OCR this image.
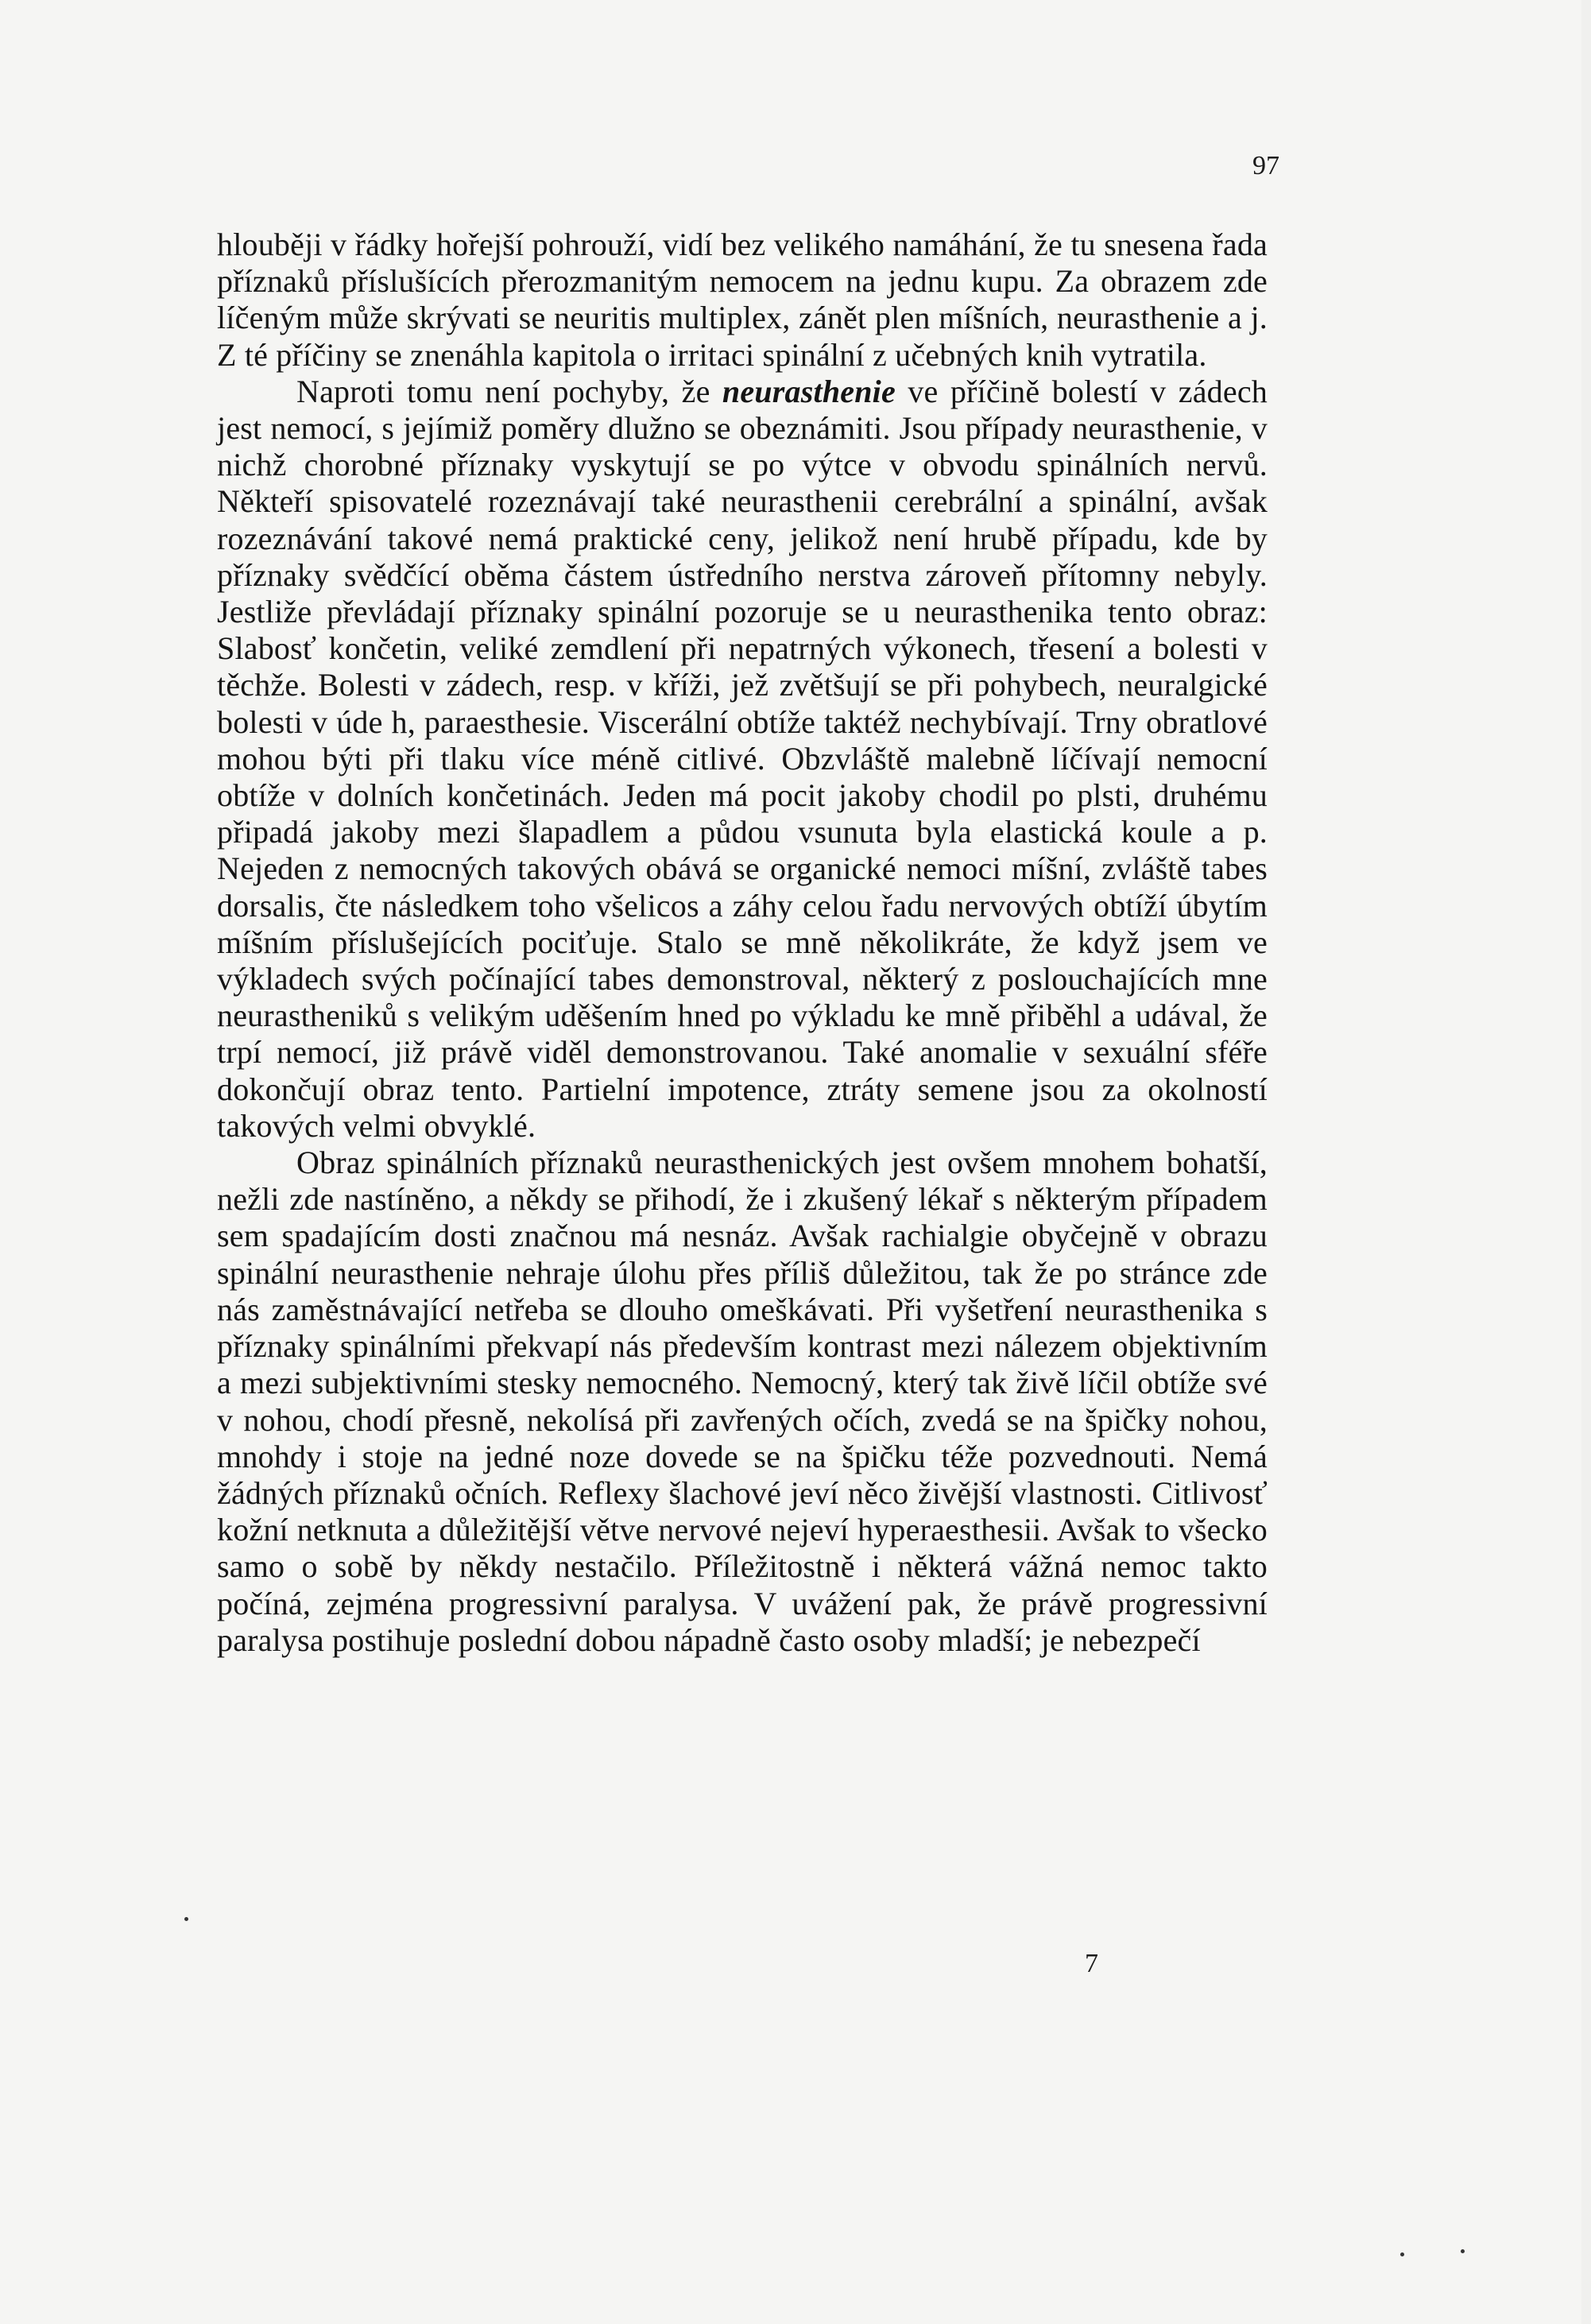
97

hlouběji v řádky hořejší pohrouží, vidí bez velikého namáhání, že tu snesena řada příznaků příslušících přerozmanitým nemocem na jednu kupu. Za obrazem zde líčeným může skrývati se neuritis multiplex, zánět plen míšních, neurasthenie a j. Z té příčiny se znenáhla kapitola o irritaci spinální z učebných knih vytratila.

Naproti tomu není pochyby, že neurasthenie ve příčině bolestí v zádech jest nemocí, s jejímiž poměry dlužno se obeznámiti. Jsou případy neurasthenie, v nichž chorobné příznaky vyskytují se po výtce v obvodu spinálních nervů. Někteří spisovatelé rozeznávají také neurasthenii cerebrální a spinální, avšak rozeznávání takové nemá praktické ceny, jelikož není hrubě případu, kde by příznaky svědčící oběma částem ústředního nerstva zároveň přítomny nebyly. Jestliže převládají příznaky spinální pozoruje se u neurasthenika tento obraz: Slabosť končetin, veliké zemdlení při nepatrných výkonech, třesení a bolesti v těchže. Bolesti v zádech, resp. v kříži, jež zvětšují se při pohybech, neuralgické bolesti v úde h, paraesthesie. Viscerální obtíže taktéž nechybívají. Trny obratlové mohou býti při tlaku více méně citlivé. Obzvláště malebně líčívají nemocní obtíže v dolních končetinách. Jeden má pocit jakoby chodil po plsti, druhému připadá jakoby mezi šlapadlem a půdou vsunuta byla elastická koule a p. Nejeden z nemocných takových obává se organické nemoci míšní, zvláště tabes dorsalis, čte následkem toho všelicos a záhy celou řadu nervových obtíží úbytím míšním příslušejících pociťuje. Stalo se mně několikráte, že když jsem ve výkladech svých počínající tabes demonstroval, některý z poslouchajících mne neurastheniků s velikým uděšením hned po výkladu ke mně přiběhl a udával, že trpí nemocí, již právě viděl demonstrovanou. Také anomalie v sexuální sféře dokončují obraz tento. Partielní impotence, ztráty semene jsou za okolností takových velmi obvyklé.

Obraz spinálních příznaků neurasthenických jest ovšem mnohem bohatší, nežli zde nastíněno, a někdy se přihodí, že i zkušený lékař s některým případem sem spadajícím dosti značnou má nesnáz. Avšak rachialgie obyčejně v obrazu spinální neurasthenie nehraje úlohu přes příliš důležitou, tak že po stránce zde nás zaměstnávající netřeba se dlouho omeškávati. Při vyšetření neurasthenika s příznaky spinálními překvapí nás především kontrast mezi nálezem objektivním a mezi subjektivními stesky nemocného. Nemocný, který tak živě líčil obtíže své v nohou, chodí přesně, nekolísá při zavřených očích, zvedá se na špičky nohou, mnohdy i stoje na jedné noze dovede se na špičku téže pozvednouti. Nemá žádných příznaků očních. Reflexy šlachové jeví něco živější vlastnosti. Citlivosť kožní netknuta a důležitější větve nervové nejeví hyperaesthesii. Avšak to všecko samo o sobě by někdy nestačilo. Příležitostně i některá vážná nemoc takto počíná, zejména progressivní paralysa. V uvážení pak, že právě progressivní paralysa postihuje poslední dobou nápadně často osoby mladší; je nebezpečí

7
